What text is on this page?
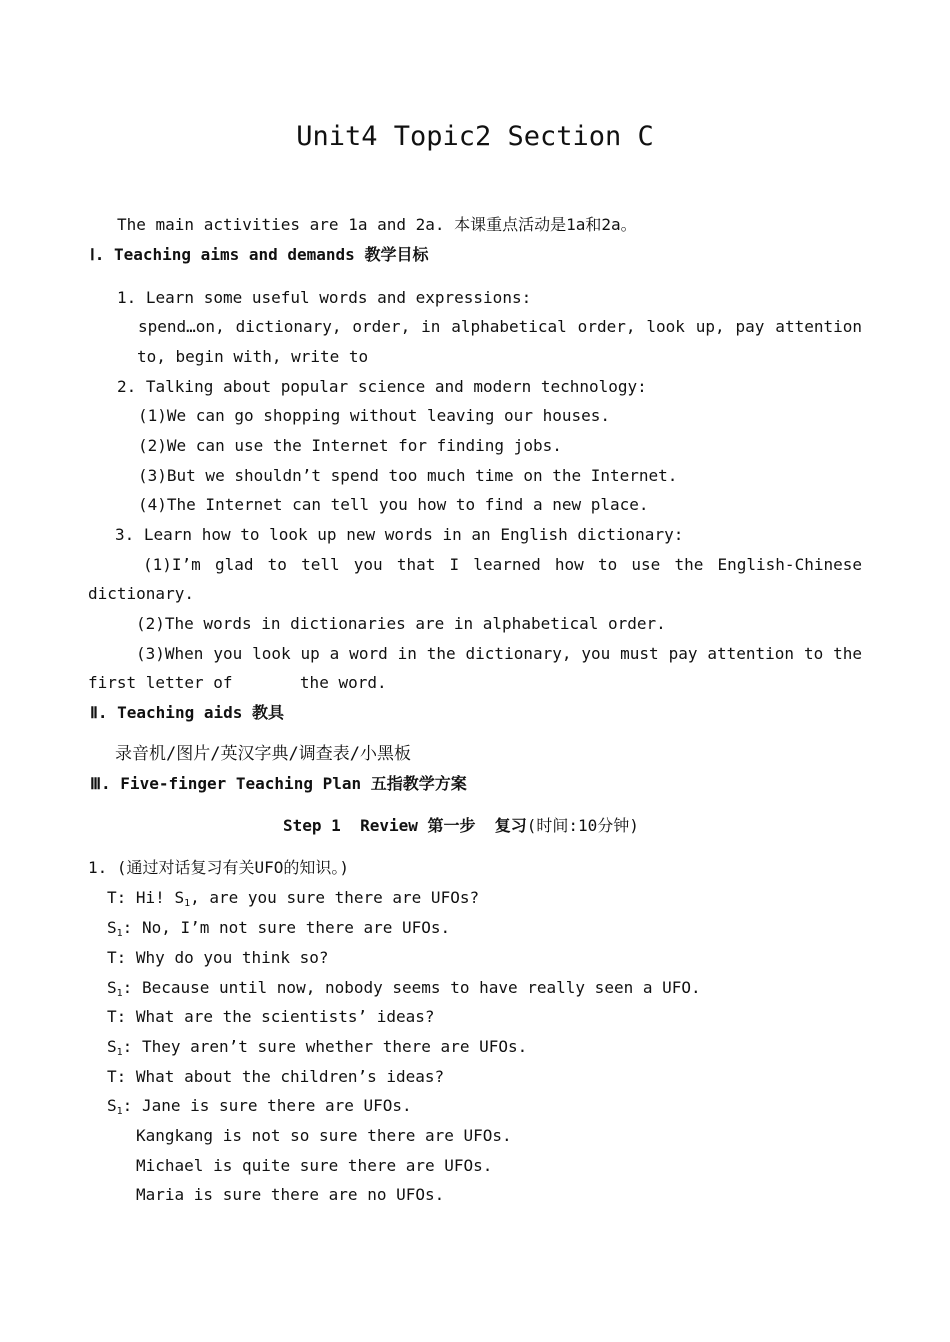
Unit4 Topic2 Section C
The main activities are 1a and 2a. 本课重点活动是1a和2a。
Ⅰ. Teaching aims and demands 教学目标
1. Learn some useful words and expressions:
spend…on, dictionary, order, in alphabetical order, look up, pay attention
to, begin with, write to
2. Talking about popular science and modern technology:
(1)We can go shopping without leaving our houses.
(2)We can use the Internet for finding jobs.
(3)But we shouldn’t spend too much time on the Internet.
(4)The Internet can tell you how to find a new place.
3. Learn how to look up new words in an English dictionary:
(1)I’m glad to tell you that I learned how to use the English-Chinese
dictionary.
(2)The words in dictionaries are in alphabetical order.
(3)When you look up a word in the dictionary, you must pay attention to the
first letter of       the word.
Ⅱ. Teaching aids 教具
录音机/图片/英汉字典/调查表/小黑板
Ⅲ. Five-finger Teaching Plan 五指教学方案
Step 1  Review 第一步  复习(时间:10分钟)
1. (通过对话复习有关UFO的知识。)
T: Hi! $S_1$, are you sure there are UFOs?
$S_1$: No, I’m not sure there are UFOs.
T: Why do you think so?
$S_1$: Because until now, nobody seems to have really seen a UFO.
T: What are the scientists’ ideas?
$S_1$: They aren’t sure whether there are UFOs.
T: What about the children’s ideas?
$S_1$: Jane is sure there are UFOs.
Kangkang is not so sure there are UFOs.
Michael is quite sure there are UFOs.
Maria is sure there are no UFOs.
